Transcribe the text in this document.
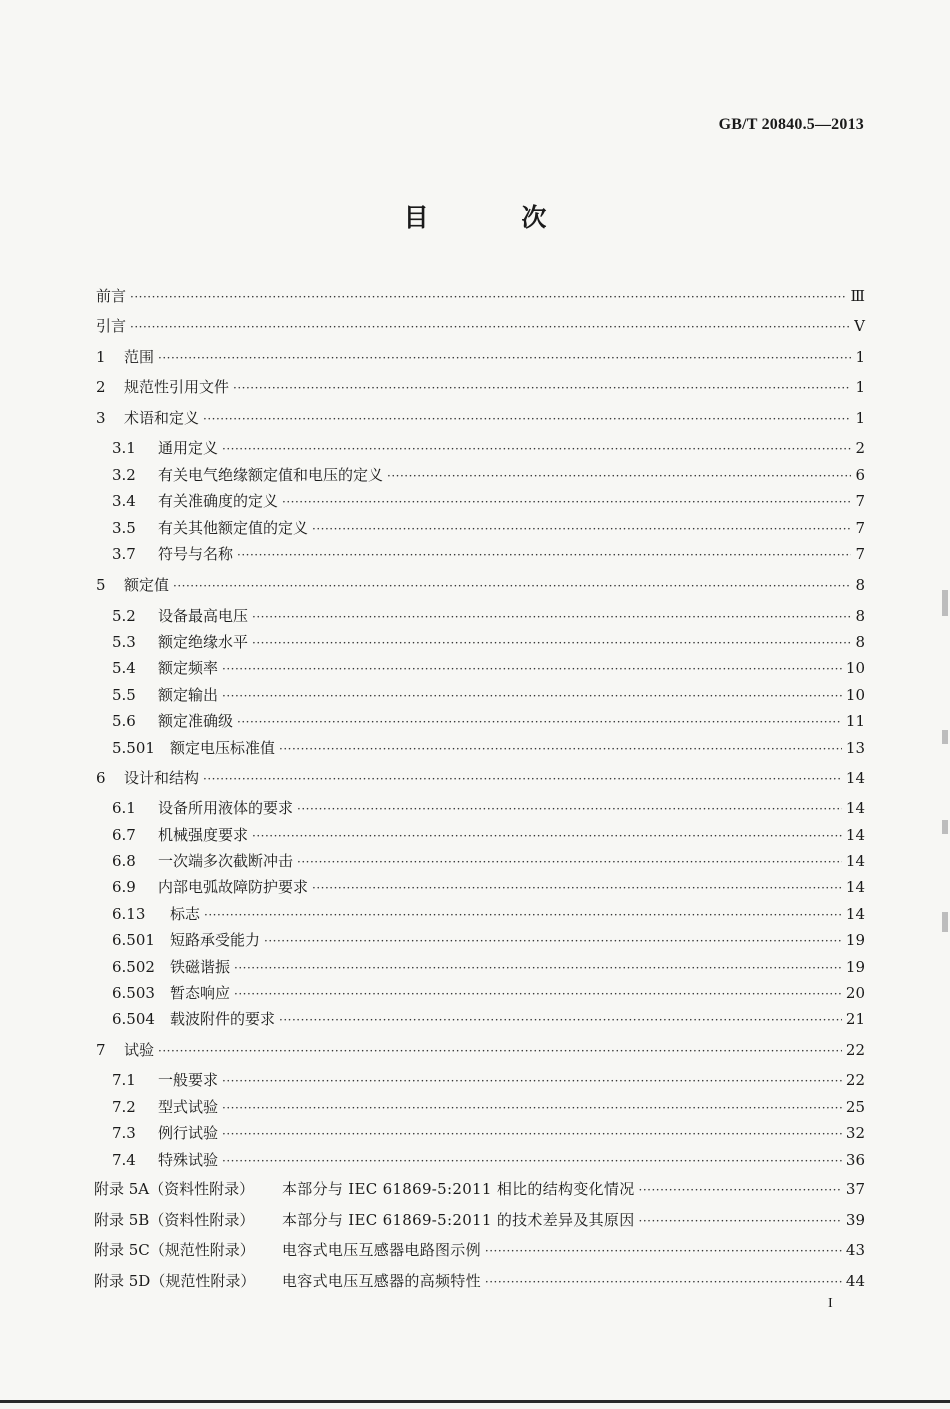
GB/T 20840.5—2013
目 次
前言 ·····	Ⅲ
引言 ·····	V
1	范围 ·····	1
2	规范性引用文件 ·····	1
3	术语和定义 ·····	1
3.1	通用定义 ·····	2
3.2	有关电气绝缘额定值和电压的定义 ·····	6
3.4	有关准确度的定义 ·····	7
3.5	有关其他额定值的定义 ·····	7
3.7	符号与名称 ·····	7
5	额定值 ·····	8
5.2	设备最高电压 ·····	8
5.3	额定绝缘水平 ·····	8
5.4	额定频率 ·····	10
5.5	额定输出 ·····	10
5.6	额定准确级 ·····	11
5.501	额定电压标准值 ·····	13
6	设计和结构 ·····	14
6.1	设备所用液体的要求 ·····	14
6.7	机械强度要求 ·····	14
6.8	一次端多次截断冲击 ·····	14
6.9	内部电弧故障防护要求 ·····	14
6.13	标志 ·····	14
6.501	短路承受能力 ·····	19
6.502	铁磁谐振 ·····	19
6.503	暂态响应 ·····	20
6.504	载波附件的要求 ·····	21
7	试验 ·····	22
7.1	一般要求 ·····	22
7.2	型式试验 ·····	25
7.3	例行试验 ·····	32
7.4	特殊试验 ·····	36
附录 5A（资料性附录）	本部分与 IEC 61869-5:2011 相比的结构变化情况 ·····	37
附录 5B（资料性附录）	本部分与 IEC 61869-5:2011 的技术差异及其原因 ·····	39
附录 5C（规范性附录）	电容式电压互感器电路图示例 ·····	43
附录 5D（规范性附录）	电容式电压互感器的高频特性 ·····	44
I
